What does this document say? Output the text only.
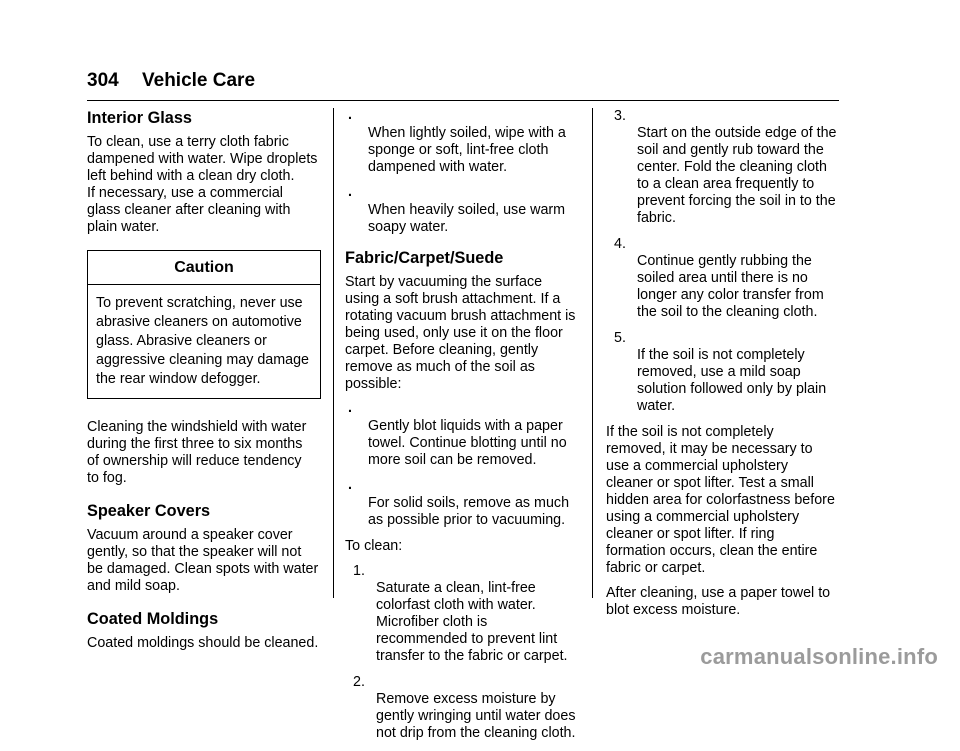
304 Vehicle Care
Interior Glass

To clean, use a terry cloth fabric
dampened with water. Wipe droplets
left behind with a clean dry cloth.
If necessary, use a commercial
glass cleaner after cleaning with
plain water.

Caution
To prevent scratching, never use
abrasive cleaners on automotive
glass. Abrasive cleaners or
aggressive cleaning may damage
the rear window defogger.

Cleaning the windshield with water
during the first three to six months
of ownership will reduce tendency
to fog.

Speaker Covers

Vacuum around a speaker cover
gently, so that the speaker will not
be damaged. Clean spots with water
and mild soap.

Coated Moldings

Coated moldings should be cleaned.

.
When lightly soiled, wipe with a
sponge or soft, lint-free cloth
dampened with water.

.
When heavily soiled, use warm
soapy water.

Fabric/Carpet/Suede

Start by vacuuming the surface
using a soft brush attachment. If a
rotating vacuum brush attachment is
being used, only use it on the floor
carpet. Before cleaning, gently
remove as much of the soil as
possible:

.
Gently blot liquids with a paper
towel. Continue blotting until no
more soil can be removed.

.
For solid soils, remove as much
as possible prior to vacuuming.

To clean:

1.
Saturate a clean, lint-free
colorfast cloth with water.
Microfiber cloth is
recommended to prevent lint
transfer to the fabric or carpet.

2.
Remove excess moisture by
gently wringing until water does
not drip from the cleaning cloth.

3.
Start on the outside edge of the
soil and gently rub toward the
center. Fold the cleaning cloth
to a clean area frequently to
prevent forcing the soil in to the
fabric.

4.
Continue gently rubbing the
soiled area until there is no
longer any color transfer from
the soil to the cleaning cloth.

5.
If the soil is not completely
removed, use a mild soap
solution followed only by plain
water.

If the soil is not completely
removed, it may be necessary to
use a commercial upholstery
cleaner or spot lifter. Test a small
hidden area for colorfastness before
using a commercial upholstery
cleaner or spot lifter. If ring
formation occurs, clean the entire
fabric or carpet.

After cleaning, use a paper towel to
blot excess moisture.

carmanualsonline.info
